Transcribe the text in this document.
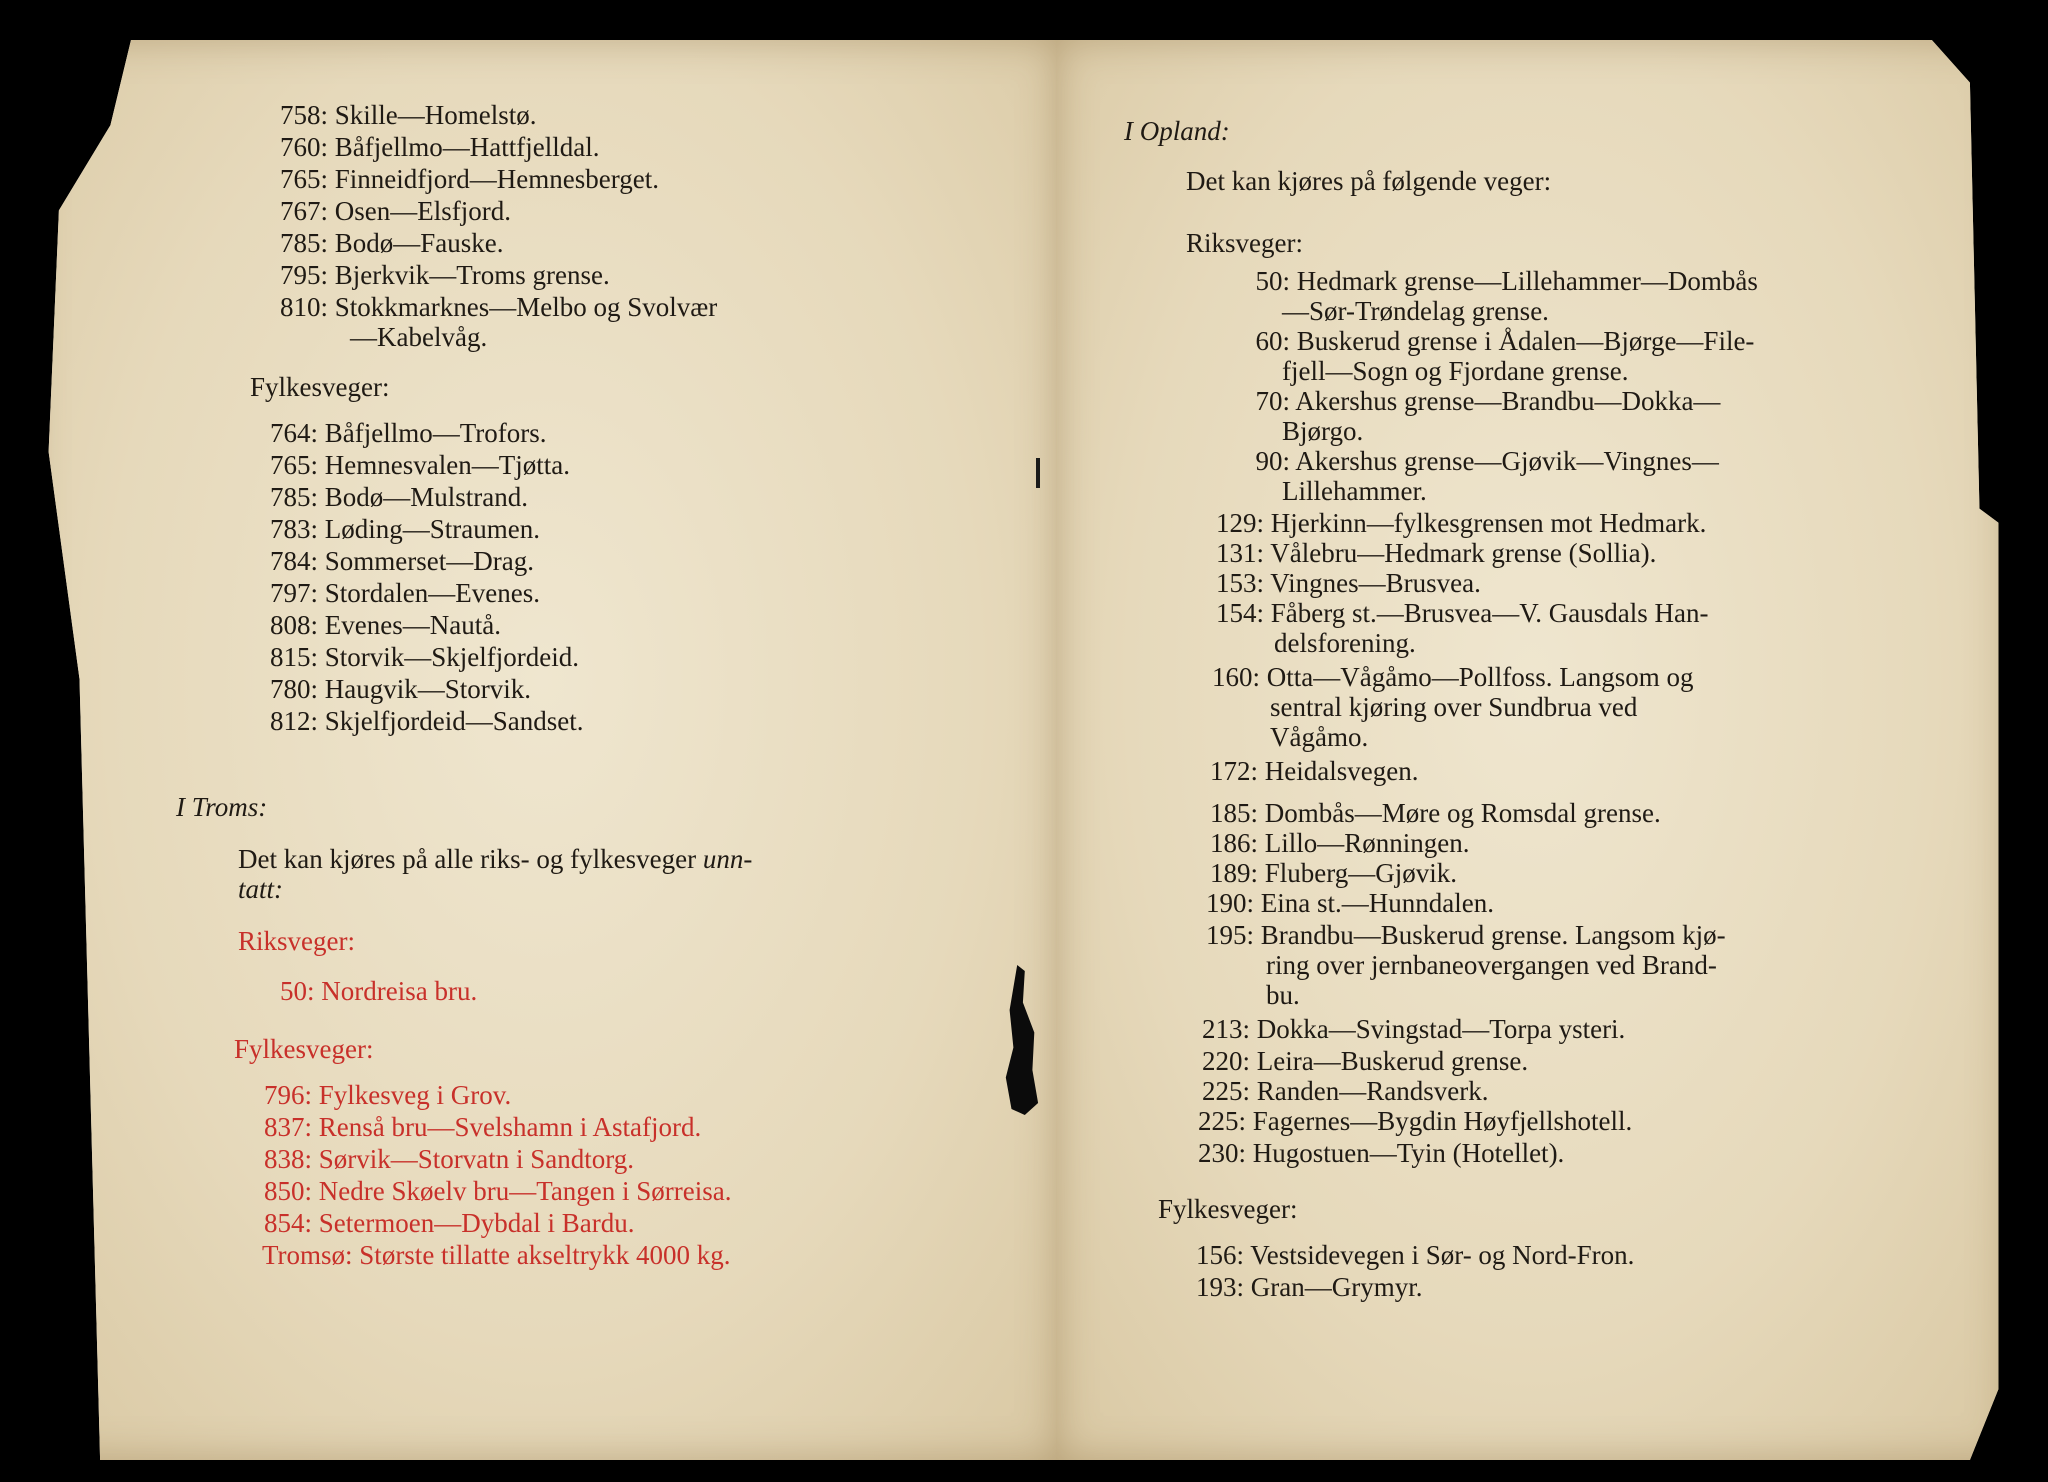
758: Skille—Homelstø.
760: Båfjellmo—Hattfjelldal.
765: Finneidfjord—Hemnesberget.
767: Osen—Elsfjord.
785: Bodø—Fauske.
795: Bjerkvik—Troms grense.
810: Stokkmarknes—Melbo og Svolvær
—Kabelvåg.
Fylkesveger:
764: Båfjellmo—Trofors.
765: Hemnesvalen—Tjøtta.
785: Bodø—Mulstrand.
783: Løding—Straumen.
784: Sommerset—Drag.
797: Stordalen—Evenes.
808: Evenes—Nautå.
815: Storvik—Skjelfjordeid.
780: Haugvik—Storvik.
812: Skjelfjordeid—Sandset.
I Troms:
Det kan kjøres på alle riks- og fylkesveger unn-
tatt:
Riksveger:
50: Nordreisa bru.
Fylkesveger:
796: Fylkesveg i Grov.
837: Renså bru—Svelshamn i Astafjord.
838: Sørvik—Storvatn i Sandtorg.
850: Nedre Skøelv bru—Tangen i Sørreisa.
854: Setermoen—Dybdal i Bardu.
Tromsø: Største tillatte akseltrykk 4000 kg.
I Opland:
Det kan kjøres på følgende veger:
Riksveger:
50: Hedmark grense—Lillehammer—Dombås
—Sør-Trøndelag grense.
60: Buskerud grense i Ådalen—Bjørge—File-
fjell—Sogn og Fjordane grense.
70: Akershus grense—Brandbu—Dokka—
Bjørgo.
90: Akershus grense—Gjøvik—Vingnes—
Lillehammer.
129: Hjerkinn—fylkesgrensen mot Hedmark.
131: Vålebru—Hedmark grense (Sollia).
153: Vingnes—Brusvea.
154: Fåberg st.—Brusvea—V. Gausdals Han-
delsforening.
160: Otta—Vågåmo—Pollfoss. Langsom og
sentral kjøring over Sundbrua ved
Vågåmo.
172: Heidalsvegen.
185: Dombås—Møre og Romsdal grense.
186: Lillo—Rønningen.
189: Fluberg—Gjøvik.
190: Eina st.—Hunndalen.
195: Brandbu—Buskerud grense. Langsom kjø-
ring over jernbaneovergangen ved Brand-
bu.
213: Dokka—Svingstad—Torpa ysteri.
220: Leira—Buskerud grense.
225: Randen—Randsverk.
225: Fagernes—Bygdin Høyfjellshotell.
230: Hugostuen—Tyin (Hotellet).
Fylkesveger:
156: Vestsidevegen i Sør- og Nord-Fron.
193: Gran—Grymyr.
